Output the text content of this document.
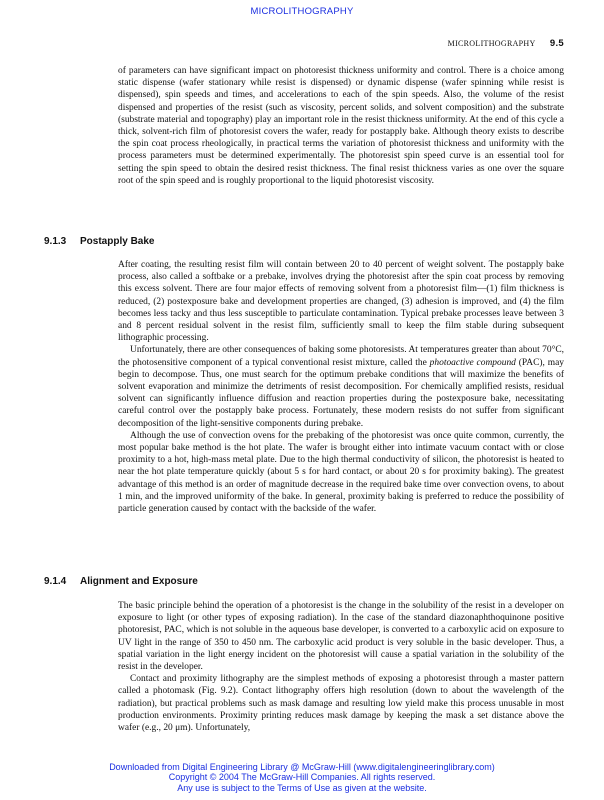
MICROLITHOGRAPHY
MICROLITHOGRAPHY 9.5

of parameters can have significant impact on photoresist thickness uniformity and control. There is a choice among static dispense (wafer stationary while resist is dispensed) or dynamic dispense (wafer spinning while resist is dispensed), spin speeds and times, and accelerations to each of the spin speeds. Also, the volume of the resist dispensed and properties of the resist (such as viscosity, percent solids, and solvent composition) and the substrate (substrate material and topography) play an important role in the resist thickness uniformity. At the end of this cycle a thick, solvent-rich film of photoresist covers the wafer, ready for postapply bake. Although theory exists to describe the spin coat process rheologically, in practical terms the variation of photoresist thickness and uniformity with the process parameters must be determined experimentally. The photoresist spin speed curve is an essential tool for setting the spin speed to obtain the desired resist thickness. The final resist thickness varies as one over the square root of the spin speed and is roughly proportional to the liquid photoresist viscosity.

9.1.3 Postapply Bake

After coating, the resulting resist film will contain between 20 to 40 percent of weight solvent. The postapply bake process, also called a softbake or a prebake, involves drying the photoresist after the spin coat process by removing this excess solvent. There are four major effects of removing solvent from a photoresist film—(1) film thickness is reduced, (2) postexposure bake and development properties are changed, (3) adhesion is improved, and (4) the film becomes less tacky and thus less susceptible to particulate contamination. Typical prebake processes leave between 3 and 8 percent residual solvent in the resist film, sufficiently small to keep the film stable during subsequent lithographic processing.

Unfortunately, there are other consequences of baking some photoresists. At temperatures greater than about 70°C, the photosensitive component of a typical conventional resist mixture, called the photoactive compound (PAC), may begin to decompose. Thus, one must search for the optimum prebake conditions that will maximize the benefits of solvent evaporation and minimize the detriments of resist decomposition. For chemically amplified resists, residual solvent can significantly influence diffusion and reaction properties during the postexposure bake, necessitating careful control over the postapply bake process. Fortunately, these modern resists do not suffer from significant decomposition of the light-sensitive components during prebake.

Although the use of convection ovens for the prebaking of the photoresist was once quite common, currently, the most popular bake method is the hot plate. The wafer is brought either into intimate vacuum contact with or close proximity to a hot, high-mass metal plate. Due to the high thermal conductivity of silicon, the photoresist is heated to near the hot plate temperature quickly (about 5 s for hard contact, or about 20 s for proximity baking). The greatest advantage of this method is an order of magnitude decrease in the required bake time over convection ovens, to about 1 min, and the improved uniformity of the bake. In general, proximity baking is preferred to reduce the possibility of particle generation caused by contact with the backside of the wafer.

9.1.4 Alignment and Exposure

The basic principle behind the operation of a photoresist is the change in the solubility of the resist in a developer on exposure to light (or other types of exposing radiation). In the case of the standard diazonaphthoquinone positive photoresist, PAC, which is not soluble in the aqueous base developer, is converted to a carboxylic acid on exposure to UV light in the range of 350 to 450 nm. The carboxylic acid product is very soluble in the basic developer. Thus, a spatial variation in the light energy incident on the photoresist will cause a spatial variation in the solubility of the resist in the developer.

Contact and proximity lithography are the simplest methods of exposing a photoresist through a master pattern called a photomask (Fig. 9.2). Contact lithography offers high resolution (down to about the wavelength of the radiation), but practical problems such as mask damage and resulting low yield make this process unusable in most production environments. Proximity printing reduces mask damage by keeping the mask a set distance above the wafer (e.g., 20 μm). Unfortunately,

Downloaded from Digital Engineering Library @ McGraw-Hill (www.digitalengineeringlibrary.com)
Copyright © 2004 The McGraw-Hill Companies. All rights reserved.
Any use is subject to the Terms of Use as given at the website.
